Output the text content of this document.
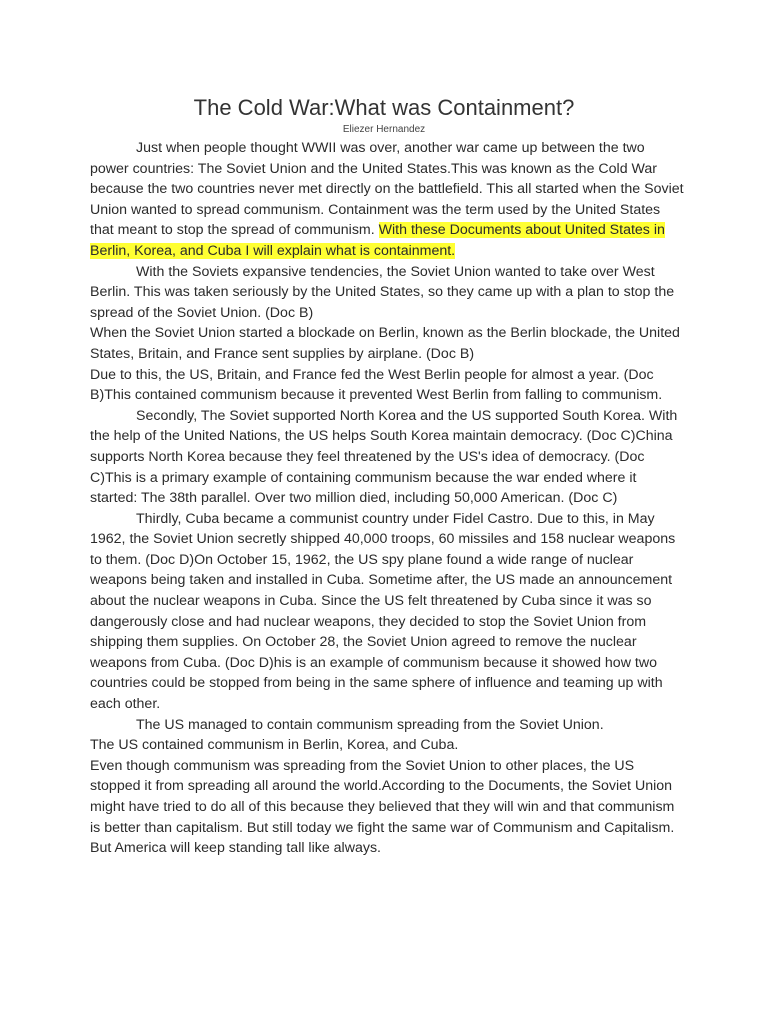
The Cold War:What was Containment?
Eliezer Hernandez

Just when people thought WWII was over, another war came up between the two power countries: The Soviet Union and the United States.This was known as the Cold War because the two countries never met directly on the battlefield. This all started when the Soviet Union wanted to spread communism. Containment was the term used by the United States that meant to stop the spread of communism. With these Documents about United States in Berlin, Korea, and Cuba I will explain what is containment.

With the Soviets expansive tendencies, the Soviet Union wanted to take over West Berlin. This was taken seriously by the United States, so they came up with a plan to stop the spread of the Soviet Union. (Doc B)

When the Soviet Union started a blockade on Berlin, known as the Berlin blockade, the United States, Britain, and France sent supplies by airplane. (Doc B)

Due to this, the US, Britain, and France fed the West Berlin people for almost a year. (Doc B)This contained communism because it prevented West Berlin from falling to communism.

Secondly, The Soviet supported North Korea and the US supported South Korea. With the help of the United Nations, the US helps South Korea maintain democracy. (Doc C)China supports North Korea because they feel threatened by the US's idea of democracy. (Doc C)This is a primary example of containing communism because the war ended where it started: The 38th parallel. Over two million died, including 50,000 American. (Doc C)

Thirdly, Cuba became a communist country under Fidel Castro. Due to this, in May 1962, the Soviet Union secretly shipped 40,000 troops, 60 missiles and 158 nuclear weapons to them. (Doc D)On October 15, 1962, the US spy plane found a wide range of nuclear weapons being taken and installed in Cuba. Sometime after, the US made an announcement about the nuclear weapons in Cuba. Since the US felt threatened by Cuba since it was so dangerously close and had nuclear weapons, they decided to stop the Soviet Union from shipping them supplies. On October 28, the Soviet Union agreed to remove the nuclear weapons from Cuba. (Doc D)his is an example of communism because it showed how two countries could be stopped from being in the same sphere of influence and teaming up with each other.

The US managed to contain communism spreading from the Soviet Union.

The US contained communism in Berlin, Korea, and Cuba.

Even though communism was spreading from the Soviet Union to other places, the US stopped it from spreading all around the world.According to the Documents, the Soviet Union might have tried to do all of this because they believed that they will win and that communism is better than capitalism. But still today we fight the same war of Communism and Capitalism. But America will keep standing tall like always.
